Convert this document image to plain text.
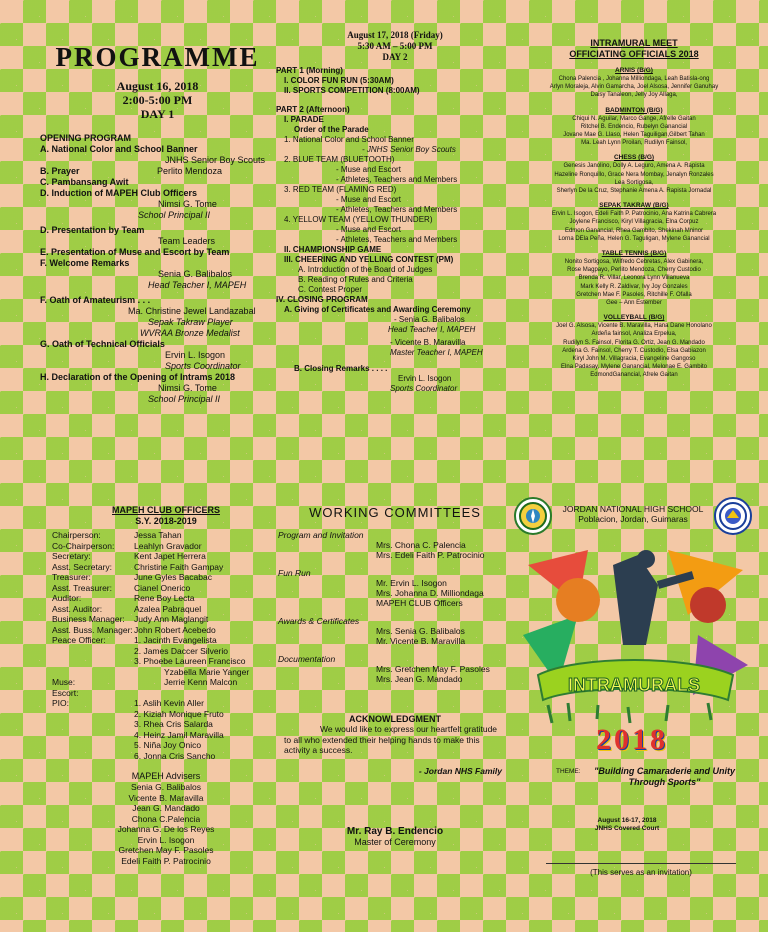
PROGRAMME
August 16, 2018
2:00-5:00 PM
DAY 1
OPENING PROGRAM
A. National Color and School Banner
JNHS Senior Boy Scouts
B. Prayer	Perlito Mendoza
C. Pambansang Awit
D. Induction of MAPEH Club Officers
Nimsi G. Tome
School Principal II
D. Presentation by Team
Team Leaders
E. Presentation of Muse and Escort by Team
F. Welcome Remarks
Senia G. Balibalos
Head Teacher I, MAPEH
F. Oath of Amateurism . . .
Ma. Christine Jewel Landazabal
Sepak Takraw Player
WVRAA Bronze Medalist
G. Oath of Technical Officials
Ervin L. Isogon
Sports Coordinator
H. Declaration of the Opening of Intrams 2018
Nimsi G. Tome
School Principal II
August 17, 2018 (Friday)
5:30 AM – 5:00 PM
DAY 2
PART 1 (Morning)
I. COLOR FUN RUN (5:30AM)
II. SPORTS COMPETITION (8:00AM)
PART 2 (Afternoon)
I. PARADE
Order of the Parade
1. National Color and School Banner
- JNHS Senior Boy Scouts
2. BLUE TEAM (BLUETOOTH)
- Muse and Escort
- Athletes, Teachers and Members
3. RED TEAM (FLAMING RED)
- Muse and Escort
- Athletes, Teachers and Members
4. YELLOW TEAM (YELLOW THUNDER)
- Muse and Escort
- Athletes, Teachers and Members
II. CHAMPIONSHIP GAME
III. CHEERING AND YELLING CONTEST (PM)
A. Introduction of the Board of Judges
B. Reading of Rules and Criteria
C. Contest Proper
IV. CLOSING PROGRAM
A. Giving of Certificates and Awarding Ceremony
- Senia G. Balibalos
Head Teacher I, MAPEH
- Vicente B. Maravilla
Master Teacher I, MAPEH
B. Closing Remarks . . . .
Ervin L. Isogon
Sports Coordinator
INTRAMURAL MEET
OFFICIATING OFFICIALS 2018
ARNIS (B/G)
Chona Palencia , Johanna Milliondaga, Leah Batisla-ong
Arlyn Moraleja, Alvin Gamarcha, Joel Alsosa, Jennifer Ganuhay
Daisy Tanaleon, Jelly Joy Allaga,
BADMINTON (B/G)
Chiqui N. Aguilar, Marco Gange, Afrelle Gaitan
Ritchel B. Endencio, Rubelyn Ganancial
Jovane Mae G. Llaso, Helen Taguiligan,Gilbert Tahan
Ma. Leah Lynn Proilan, Rudilyn Fainsol,
CHESS (B/G)
Genesis Janolino, Dolly A. Leguro, Amena A. Rapista
Hazeline Ronquillo, Grace Nera Mombay, Jenalyn Ronzales
Lea Sortigosa,
Sherlyn De la Cruz, Stephanie Amena A. Rapista Jornadal
SEPAK TAKRAW (B/G)
Ervin L. Isogon, Edeli Faith P. Patrocinio, Ana Katrina Cabrera
Joylene Francisco, Kiryl Villagracia, Elna Corpuz
Edmon Ganancial, Rhea Gambito, Shekinah Mninor
Lorna DEla Peña, Helen G. Taguligan, Mylene Ganancial
TABLE TENNIS (B/G)
Nonito Sortigosa, Wilfredo Cebretas, Alex Gabinera,
Rose Magpayo, Perlito Mendoza, Cherry Custodio
Brenda R. Villar, Leonora Lynn Villanueva
Mark Kelly R. Zaldivar, Ivy Joy Gonzales
Gretchen Mae F. Pasoles, Ritchille F. Ofalla
Gee – Ann Estember
VOLLEYBALL (B/G)
Joel G. Alsosa, Vicente B. Maravilla, Hana Dane Honolano
Ardeña fainsol, Analiza Erpelua,
Rudilyn S. Fainsol, Florita G. Ortiz, Jean G. Mandado
Ardena G. Fainsol, Cherry T. Custodio, Elsa Gabiazon
Kiryl John M. Villagracia, Evangeline Gangoso
Elna Padasay, Mylene Ganancial, Melonae E. Gambito
EdmondGanancial, Afrele Gaitan
MAPEH CLUB OFFICERS
S.Y. 2018-2019
Chairperson:	Jessa Tahan
Co-Chairperson:	Leahlyn Gravador
Secretary:	Kent Japet Herrera
Asst. Secretary:	Christine Faith Gampay
Treasurer:	June Gyles Bacabac
Asst. Treasurer:	Cianel Onerico
Auditor:	Rene Boy Lecta
Asst. Auditor:	Azalea Pabraquel
Business Manager:	Judy Ann Maglangit
Asst. Buss. Manager: John Robert Acebedo
Peace Officer:	1. Jacinth Evangelista
2. James Daccer Silverio
3. Phoebe Laureen Francisco
Yzabella Marie Yanger
Muse:	Jerrie Kenn Malcon
Escort:
PIO:	1. Aslih Kevin Aller
2. Kiziah Monique Fruto
3. Rhea Cris Salarda
4. Heinz Jamil Maravilla
5. Niña Joy Onico
6. Jonna Cris Sancho
MAPEH Advisers
Senia G. Balibalos
Vicente B. Maravilla
Jean G. Mandado
Chona C.Palencia
Johanna G. De los Reyes
Ervin L. Isogon
Gretchen May F. Pasoles
Edeli Faith P. Patrocinio
WORKING COMMITTEES
Program and Invitation
Mrs. Chona C. Palencia
Mrs. Edeli Faith P. Patrocinio
Fun Run
Mr. Ervin L. Isogon
Mrs. Johanna D. Milliondaga
MAPEH CLUB Officers
Awards & Certificates
Mrs. Senia G. Balibalos
Mr. Vicente B. Maravilla
Documentation
Mrs. Gretchen May F. Pasoles
Mrs. Jean G. Mandado
ACKNOWLEDGMENT
We would like to express our heartfelt gratitude to all who extended their helping hands to make this activity a success.
- Jordan NHS Family
Mr. Ray B. Endencio
Master of Ceremony
JORDAN NATIONAL HIGH SCHOOL
Poblacion, Jordan, Guimaras
INTRAMURALS
2018
THEME:	"Building Camaraderie and Unity Through Sports"
August 16-17, 2018
JNHS Covered Court
(This serves as an invitation)
